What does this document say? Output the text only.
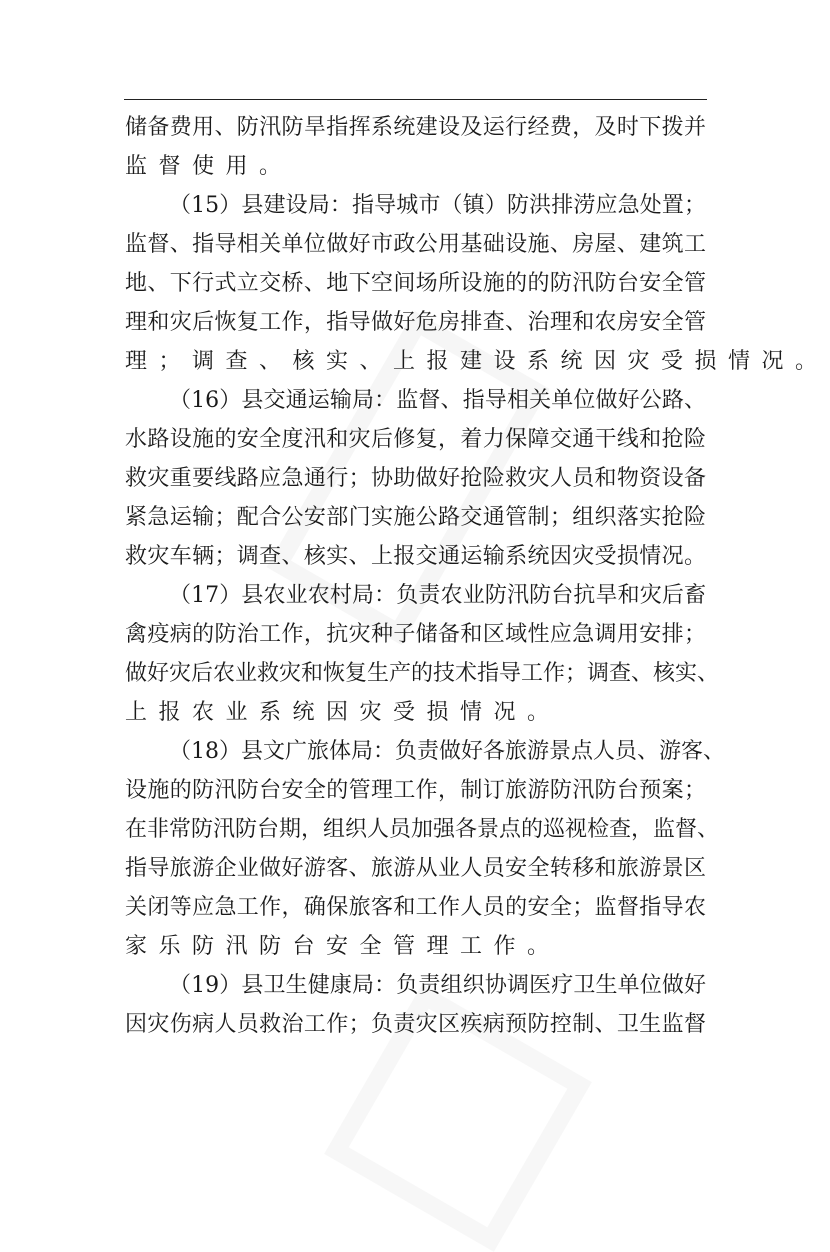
储备费用、防汛防旱指挥系统建设及运行经费，及时下拨并
监督使用。
（15）县建设局：指导城市（镇）防洪排涝应急处置；
监督、指导相关单位做好市政公用基础设施、房屋、建筑工
地、下行式立交桥、地下空间场所设施的的防汛防台安全管
理和灾后恢复工作，指导做好危房排查、治理和农房安全管
理；调查、核实、上报建设系统因灾受损情况。
（16）县交通运输局：监督、指导相关单位做好公路、
水路设施的安全度汛和灾后修复，着力保障交通干线和抢险
救灾重要线路应急通行；协助做好抢险救灾人员和物资设备
紧急运输；配合公安部门实施公路交通管制；组织落实抢险
救灾车辆；调查、核实、上报交通运输系统因灾受损情况。
（17）县农业农村局：负责农业防汛防台抗旱和灾后畜
禽疫病的防治工作，抗灾种子储备和区域性应急调用安排；
做好灾后农业救灾和恢复生产的技术指导工作；调查、核实、
上报农业系统因灾受损情况。
（18）县文广旅体局：负责做好各旅游景点人员、游客、
设施的防汛防台安全的管理工作，制订旅游防汛防台预案；
在非常防汛防台期，组织人员加强各景点的巡视检查，监督、
指导旅游企业做好游客、旅游从业人员安全转移和旅游景区
关闭等应急工作，确保旅客和工作人员的安全；监督指导农
家乐防汛防台安全管理工作。
（19）县卫生健康局：负责组织协调医疗卫生单位做好
因灾伤病人员救治工作；负责灾区疾病预防控制、卫生监督
